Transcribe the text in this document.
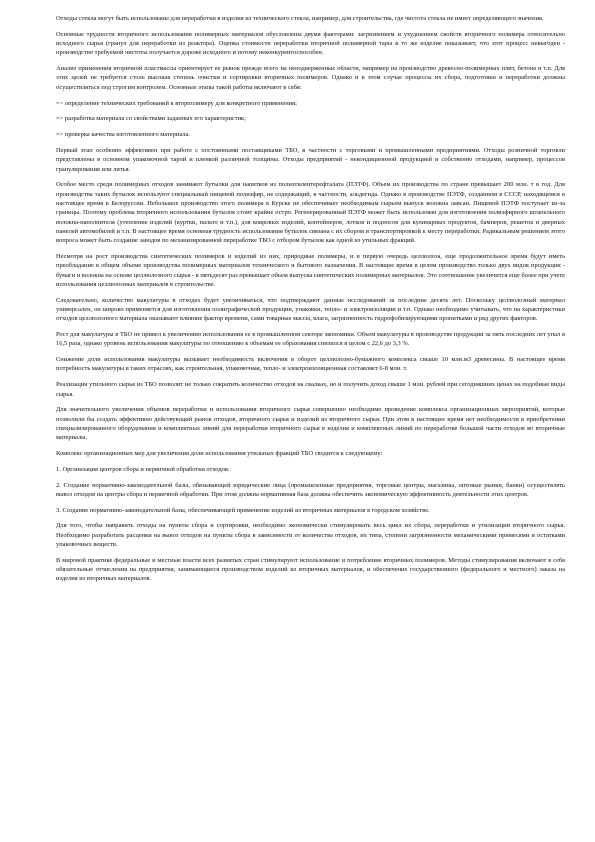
Отходы стекла могут быть использованы для переработки в изделия из технического стекла, например, для строительства, где чистота стекла не имеет определяющего значения.

Основные трудности вторичного использования полимерных материалов обусловлены двумя факторами: загрязнением и ухудшением свойств вторичного полимера относительно исходного сырья (гранул для переработки из реактора). Оценка стоимости переработки вторичной полимерной тары в то же изделие показывает, что этот процесс невыгоден - производство требуемой чистоты получается дороже исходного и потому неконкурентоспособен.

Анализ применения вторичной пластмассы ориентирует ее рынок прежде всего на неподверженные области, например на производство древесно-полимерных плит, бетона и т.п. Для этих целей не требуется столь высокая степень очистки и сортировки вторичных полимеров. Однако и в этом случае процессы их сбора, подготовки и переработки должны осуществляться под строгим контролем. Основные этапы такой работы включают в себя:

=> определение технических требований к вторполимеру для конкретного применения;

=> разработка материала со свойствами заданных его характеристик;

=> проверка качества изготовленного материала.

Первый этап особенно эффективен при работе с постоянными поставщиками ТБО, в частности с торговыми и промышленными предприятиями. Отходы розничной торговли представлены в основном упаковочной тарой и пленкой различной толщины. Отходы предприятий - некондиционной продукцией и собственно отходами, например, процессов гранулирования или литья.

Особое место среди полимерных отходов занимают бутылки для напитков из полиэтилентерефталата (ПЭТФ). Объем их производства по стране превышает 200 млн. т в год. Для производства таких бутылок используют специальный пищевой полиэфир, не содержащий, в частности, альдегида. Однако в производстве ПЭТФ, созданном в СССР, находящемся в настоящее время в Белоруссии. Небольшое производство этого полимера в Курске не обеспечивает необходимым сырьем выпуск волокна лавсан. Пищевой ПЭТФ поступает из-за границы. Поэтому проблема вторичного использования бутылок стоит крайне остро. Регенерированный ПЭТФ может быть использован для изготовления полиэфирного штапельного волокна-наполнителя (утепление изделий (куртки, пальто и т.п.), для ковровых изделий, контейнеров, лотков и подносов для кулинарных продуктов, бамперов, решеток и дверных панелей автомобилей и т.п. В настоящее время основная трудность использования бутылок связана с их сбором и транспортировкой к месту переработки. Радикальным решением этого вопроса может быть создание заводов по механизированной переработке ТБО с отбором бутылок как одной из утильных фракций.

Несмотря на рост производства синтетических полимеров и изделий из них, природные полимеры, и в первую очередь целлюлоза, еще продолжительное время будут иметь преобладание в общем объеме производства полимерных материалов технического и бытового назначения. В настоящее время в целом производство только двух видов продукции - бумаги и волокна на основе целлюлозного сырья - в пятьдесят раз превышает объем выпуска синтетических полимерных материалов. Это соотношение увеличится еще более при учете использования целлюлозных материалов в строительстве.

Следовательно, количество макулатуры в отходах будет увеличиваться, что подтверждают данные исследований за последние десять лет. Поскольку целлюлозный материал универсален, он широко применяется для изготовления полиграфической продукции, упаковки, тепло- и электроизоляции и т.п. Однако необходимо учитывать, что на характеристики отходов целлюлозного материала оказывают влияние фактор времени, сами товарные массы, влага, загрязненность гидрофобизирующими пропитками и ряд других факторов.

Рост для макулатуры в ТБО не привел к увеличению использования ее в промышленном секторе экономики. Объем макулатуры в производстве продукции за пять последних лет упал в 16,5 раза, однако уровень использования макулатуры по отношению к объемам ее образования снизился в целом с 22,6 до 3,3 %.

Снижение доли использования макулатуры вызывает необходимость включения в оборот целлюлозно-бумажного комплекса свыше 10 млн.м3 древесины. В настоящее время потребность макулатуры в таких отраслях, как строительная, упаковочная, тепло- и электроизоляционная составляет 6-8 млн. т.

Реализация утильного сырья из ТБО позволит не только сократить количество отходов на свалках, но и получить доход свыше 1 млн. рублей при сегодняшних ценах на подобные виды сырья.

Для значительного увеличения объемов переработки и использования вторичного сырья совершенно необходимо проведение комплекса организационных мероприятий, которые позволили бы создать эффективно действующий рынок отходов, вторичного сырья и изделий из вторичного сырья. При этом в настоящее время нет необходимости в приобретении специализированного оборудования и комплектных линий для переработки вторичного сырья в изделия и комплектных линий по переработке большей части отходов во вторичные материалы.

Комплекс организационных мер для увеличения доли использования утильных фракций ТБО сводится к следующему:

1. Организация центров сбора и первичной обработки отходов.

2. Создание нормативно-законодательной базы, обязывающей юридические лица (промышленные предприятия, торговые центры, магазины, оптовые рынки, банки) осуществлять вывоз отходов на центры сбора и первичной обработки. При этом должна нормативная база должна обеспечить экономическую эффективность деятельности этих центров.

3. Создание нормативно-законодательной базы, обеспечивающей применение изделий из вторичных материалов в городском хозяйстве.

Для того, чтобы направить отходы на пункты сбора и сортировки, необходимо экономически стимулировать весь цикл их сбора, переработки и утилизации вторичного сырья. Необходимо разработать расценки на вывоз отходов на пункты сбора в зависимости от количества отходов, их типа, степени загрязненности механическими примесями и остатками упаковочных веществ.

В мировой практике федеральные и местные власти всех развитых стран стимулируют использование и потребление вторичных полимеров. Методы стимулирования включают в себя обязательные отчисления на предприятия, занимающиеся производством изделий из вторичных материалов, и обеспечение государственного (федерального и местного) заказа на изделия из вторичных материалов.
